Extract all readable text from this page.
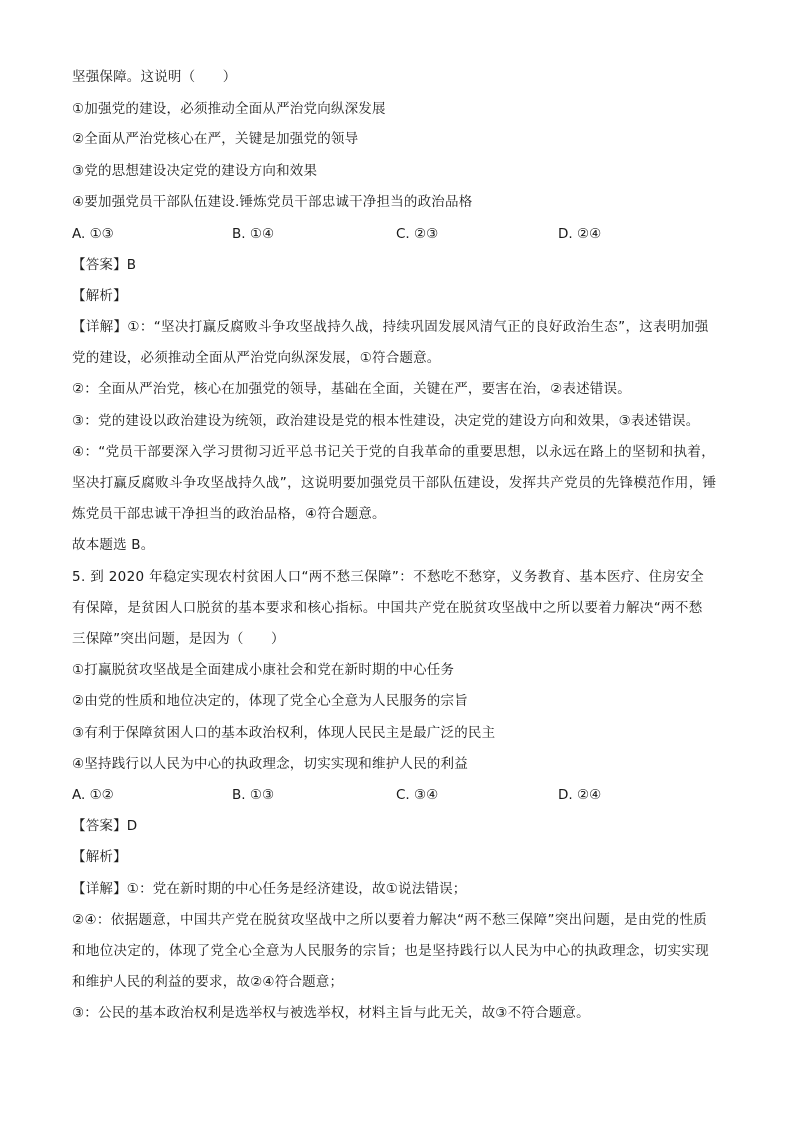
坚强保障。这说明（　　）
①加强党的建设，必须推动全面从严治党向纵深发展
②全面从严治党核心在严，关键是加强党的领导
③党的思想建设决定党的建设方向和效果
④要加强党员干部队伍建设.锤炼党员干部忠诚干净担当的政治品格
A. ①③	B. ①④	C. ②③	D. ②④
【答案】B
【解析】
【详解】①：“坚决打赢反腐败斗争攻坚战持久战，持续巩固发展风清气正的良好政治生态”，这表明加强
党的建设，必须推动全面从严治党向纵深发展，①符合题意。
②：全面从严治党，核心在加强党的领导，基础在全面，关键在严，要害在治，②表述错误。
③：党的建设以政治建设为统领，政治建设是党的根本性建设，决定党的建设方向和效果，③表述错误。
④：“党员干部要深入学习贯彻习近平总书记关于党的自我革命的重要思想，以永远在路上的坚韧和执着，
坚决打赢反腐败斗争攻坚战持久战”，这说明要加强党员干部队伍建设，发挥共产党员的先锋模范作用，锤
炼党员干部忠诚干净担当的政治品格，④符合题意。
故本题选 B。
5. 到 2020 年稳定实现农村贫困人口“两不愁三保障”：不愁吃不愁穿，义务教育、基本医疗、住房安全
有保障，是贫困人口脱贫的基本要求和核心指标。中国共产党在脱贫攻坚战中之所以要着力解决“两不愁
三保障”突出问题，是因为（　　）
①打赢脱贫攻坚战是全面建成小康社会和党在新时期的中心任务
②由党的性质和地位决定的，体现了党全心全意为人民服务的宗旨
③有利于保障贫困人口的基本政治权利，体现人民民主是最广泛的民主
④坚持践行以人民为中心的执政理念，切实实现和维护人民的利益
A. ①②	B. ①③	C. ③④	D. ②④
【答案】D
【解析】
【详解】①：党在新时期的中心任务是经济建设，故①说法错误；
②④：依据题意，中国共产党在脱贫攻坚战中之所以要着力解决“两不愁三保障”突出问题，是由党的性质
和地位决定的，体现了党全心全意为人民服务的宗旨；也是坚持践行以人民为中心的执政理念，切实实现
和维护人民的利益的要求，故②④符合题意；
③：公民的基本政治权利是选举权与被选举权，材料主旨与此无关，故③不符合题意。
